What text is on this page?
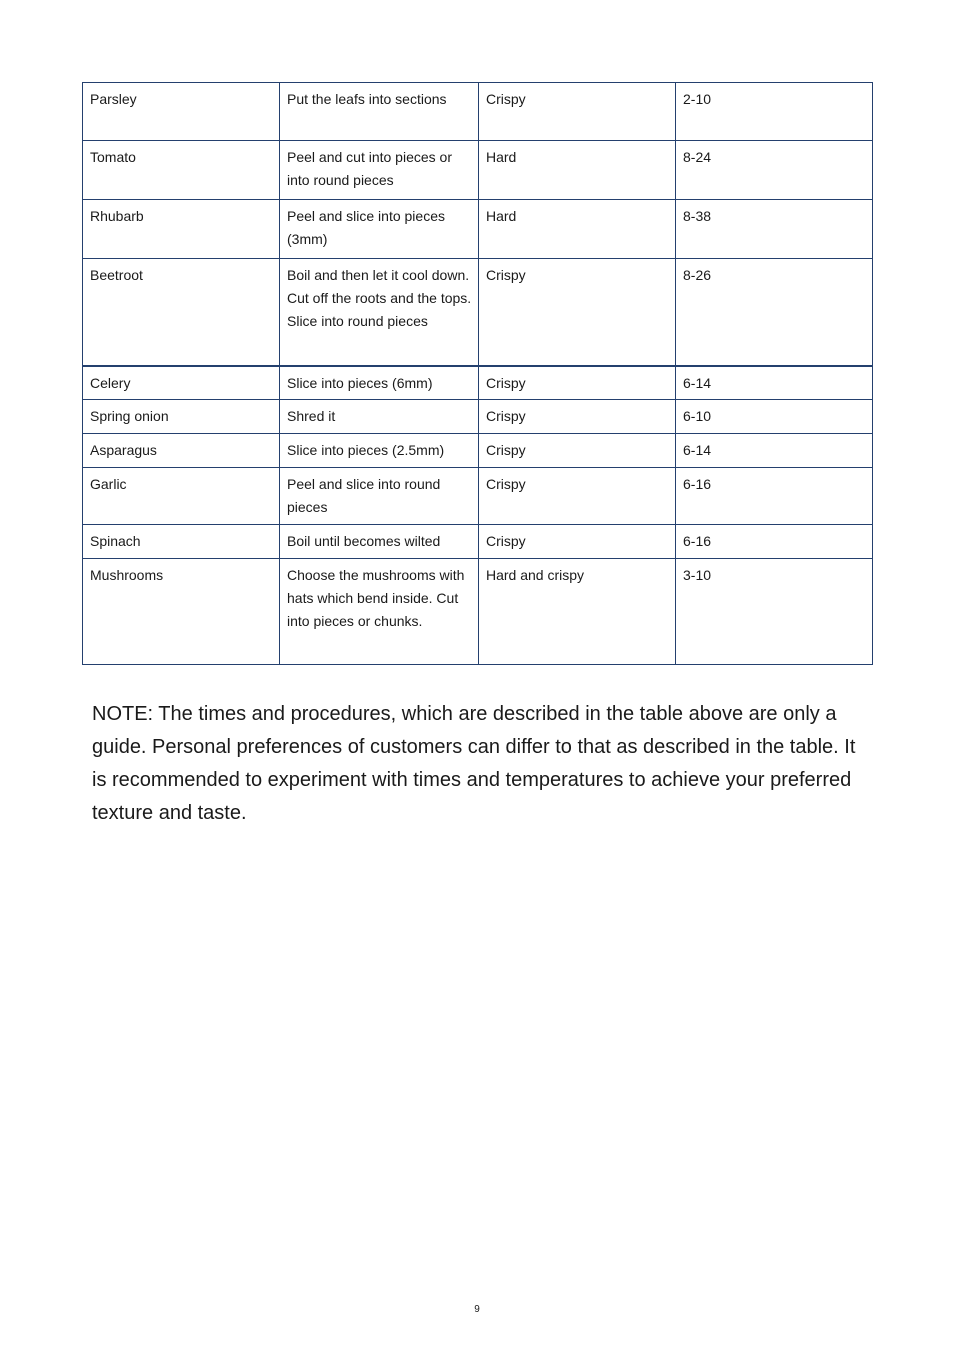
Parsley	Put the leafs into sections	Crispy	2-10
Tomato	Peel and cut into pieces or into round pieces	Hard	8-24
Rhubarb	Peel and slice into pieces (3mm)	Hard	8-38
Beetroot	Boil and then let it cool down. Cut off the roots and the tops. Slice into round pieces	Crispy	8-26
Celery	Slice into pieces (6mm)	Crispy	6-14
Spring onion	Shred it	Crispy	6-10
Asparagus	Slice into pieces (2.5mm)	Crispy	6-14
Garlic	Peel and slice into round pieces	Crispy	6-16
Spinach	Boil until becomes wilted	Crispy	6-16
Mushrooms	Choose the mushrooms with hats which bend inside. Cut into pieces or chunks.	Hard and crispy	3-10

NOTE: The times and procedures, which are described in the table above are only a guide. Personal preferences of customers can differ to that as described in the table. It is recommended to experiment with times and temperatures to achieve your preferred texture and taste.

9
